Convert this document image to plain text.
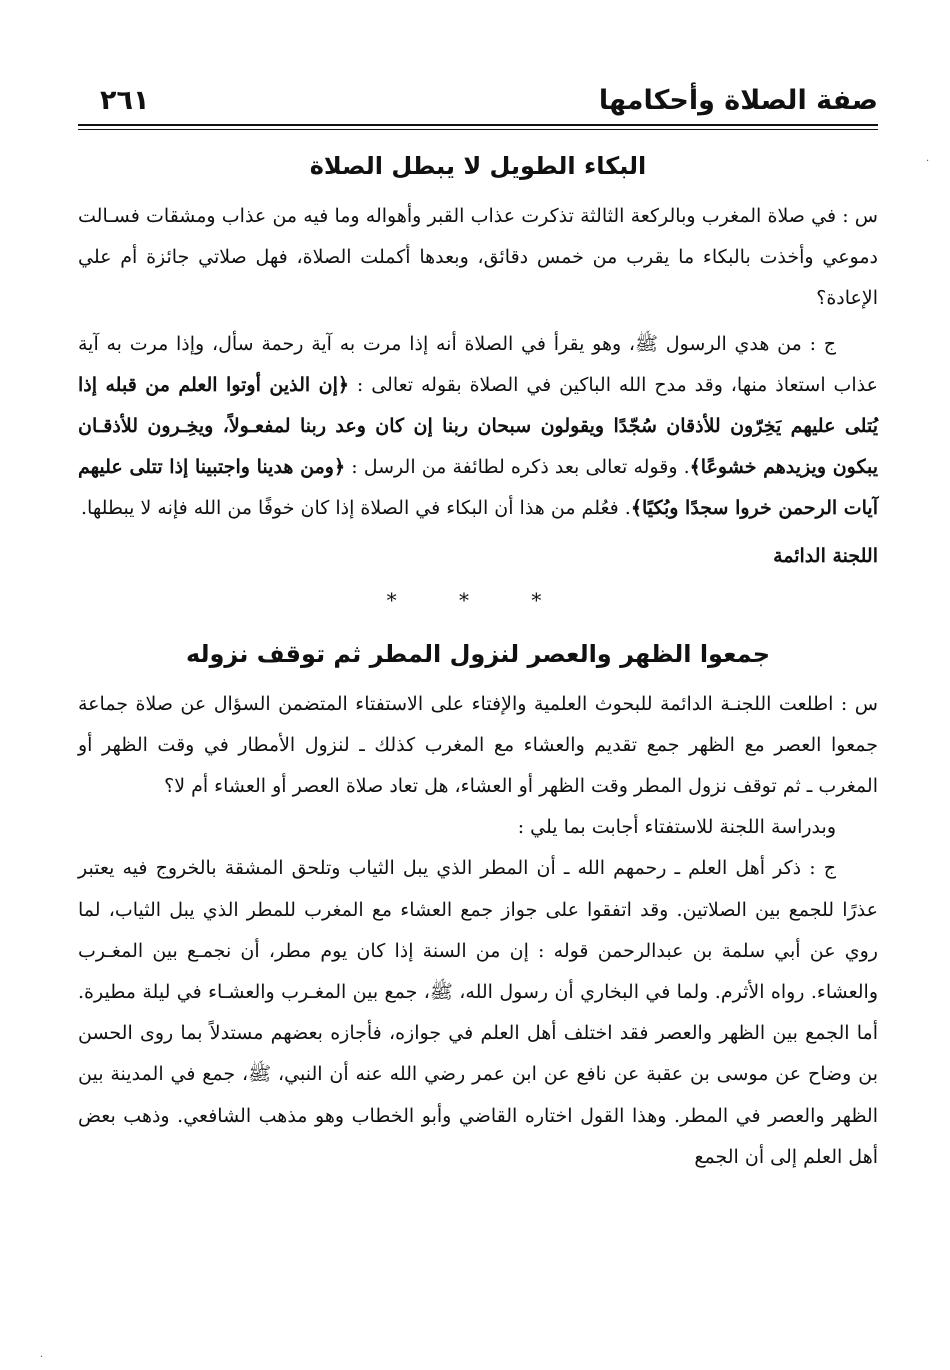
صفة الصلاة وأحكامها
٢٦١
البكاء الطويل لا يبطل الصلاة

س : في صلاة المغرب وبالركعة الثالثة تذكرت عذاب القبر وأهواله وما فيه من عذاب ومشقات فسـالت دموعي وأخذت بالبكاء ما يقرب من خمس دقائق، وبعدها أكملت الصلاة، فهل صلاتي جائزة أم علي الإعادة؟

ج : من هدي الرسول ﷺ، وهو يقرأ في الصلاة أنه إذا مرت به آية رحمة سأل، وإذا مرت به آية عذاب استعاذ منها، وقد مدح الله الباكين في الصلاة بقوله تعالى : ﴿إن الذين أوتوا العلم من قبله إذا يُتلى عليهم يَخِرّون للأذقان سُجّدًا ويقولون سبحان ربنا إن كان وعد ربنا لمفعـولاً، ويخِـرون للأذقـان يبكون ويزيدهم خشوعًا﴾. وقوله تعالى بعد ذكره لطائفة من الرسل : ﴿ومن هدينا واجتبينا إذا تتلى عليهم آيات الرحمن خروا سجدًا وبُكيًا﴾. فعُلم من هذا أن البكاء في الصلاة إذا كان خوفًا من الله فإنه لا يبطلها.

اللجنة الدائمة
* * *
جمعوا الظهر والعصر لنزول المطر ثم توقف نزوله

س : اطلعت اللجنـة الدائمة للبحوث العلمية والإفتاء على الاستفتاء المتضمن السؤال عن صلاة جماعة جمعوا العصر مع الظهر جمع تقديم والعشاء مع المغرب كذلك ـ لنزول الأمطار في وقت الظهر أو المغرب ـ ثم توقف نزول المطر وقت الظهر أو العشاء، هل تعاد صلاة العصر أو العشاء أم لا؟

وبدراسة اللجنة للاستفتاء أجابت بما يلي :

ج : ذكر أهل العلم ـ رحمهم الله ـ أن المطر الذي يبل الثياب وتلحق المشقة بالخروج فيه يعتبر عذرًا للجمع بين الصلاتين. وقد اتفقوا على جواز جمع العشاء مع المغرب للمطر الذي يبل الثياب، لما روي عن أبي سلمة بن عبدالرحمن قوله : إن من السنة إذا كان يوم مطر، أن نجمـع بين المغـرب والعشاء. رواه الأثرم. ولما في البخاري أن رسول الله، ﷺ، جمع بين المغـرب والعشـاء في ليلة مطيرة. أما الجمع بين الظهر والعصر فقد اختلف أهل العلم في جوازه، فأجازه بعضهم مستدلاً بما روى الحسن بن وضاح عن موسى بن عقبة عن نافع عن ابن عمر رضي الله عنه أن النبي، ﷺ، جمع في المدينة بين الظهر والعصر في المطر. وهذا القول اختاره القاضي وأبو الخطاب وهو مذهب الشافعي. وذهب بعض أهل العلم إلى أن الجمع

·
·
